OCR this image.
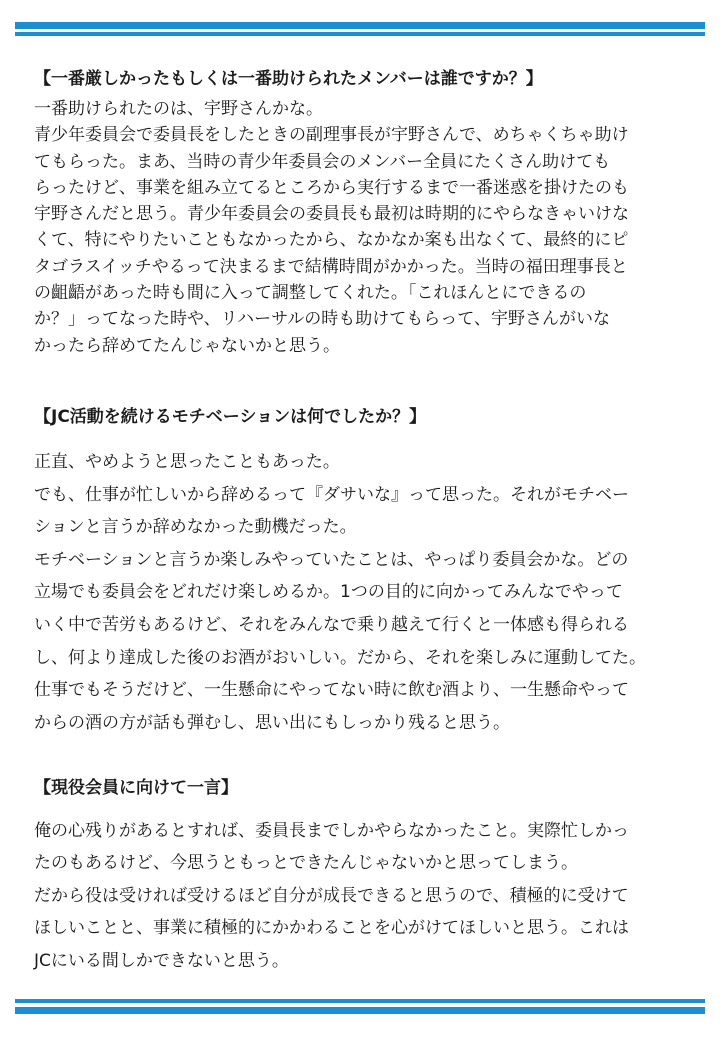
【一番厳しかったもしくは一番助けられたメンバーは誰ですか？】

一番助けられたのは、宇野さんかな。

青少年委員会で委員長をしたときの副理事長が宇野さんで、めちゃくちゃ助け

てもらった。まあ、当時の青少年委員会のメンバー全員にたくさん助けても

らったけど、事業を組み立てるところから実行するまで一番迷惑を掛けたのも

宇野さんだと思う。青少年委員会の委員長も最初は時期的にやらなきゃいけな

くて、特にやりたいこともなかったから、なかなか案も出なくて、最終的にピ

タゴラスイッチやるって決まるまで結構時間がかかった。当時の福田理事長と

の齟齬があった時も間に入って調整してくれた。「これほんとにできるの

か？」ってなった時や、リハーサルの時も助けてもらって、宇野さんがいな

かったら辞めてたんじゃないかと思う。

【JC活動を続けるモチベーションは何でしたか？】

正直、やめようと思ったこともあった。

でも、仕事が忙しいから辞めるって『ダサいな』って思った。それがモチベー

ションと言うか辞めなかった動機だった。

モチベーションと言うか楽しみやっていたことは、やっぱり委員会かな。どの

立場でも委員会をどれだけ楽しめるか。1つの目的に向かってみんなでやって

いく中で苦労もあるけど、それをみんなで乗り越えて行くと一体感も得られる

し、何より達成した後のお酒がおいしい。だから、それを楽しみに運動してた。

仕事でもそうだけど、一生懸命にやってない時に飲む酒より、一生懸命やって

からの酒の方が話も弾むし、思い出にもしっかり残ると思う。

【現役会員に向けて一言】

俺の心残りがあるとすれば、委員長までしかやらなかったこと。実際忙しかっ

たのもあるけど、今思うともっとできたんじゃないかと思ってしまう。

だから役は受ければ受けるほど自分が成長できると思うので、積極的に受けて

ほしいことと、事業に積極的にかかわることを心がけてほしいと思う。これは

JCにいる間しかできないと思う。
